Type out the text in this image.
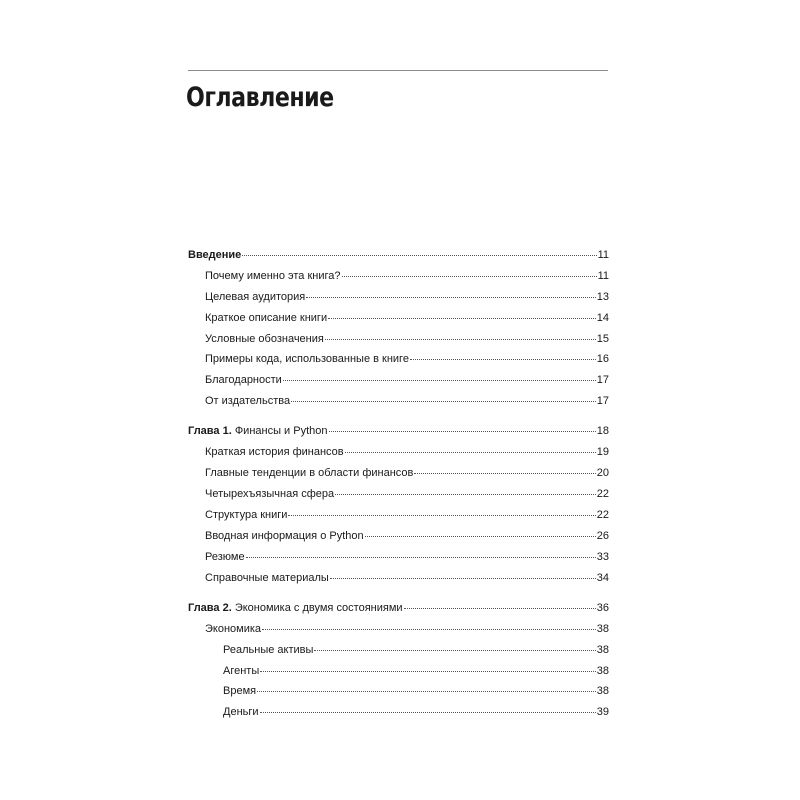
Оглавление
Введение	11
Почему именно эта книга?	11
Целевая аудитория	13
Краткое описание книги	14
Условные обозначения	15
Примеры кода, использованные в книге	16
Благодарности	17
От издательства	17
Глава 1. Финансы и Python	18
Краткая история финансов	19
Главные тенденции в области финансов	20
Четырехъязычная сфера	22
Структура книги	22
Вводная информация о Python	26
Резюме	33
Справочные материалы	34
Глава 2. Экономика с двумя состояниями	36
Экономика	38
Реальные активы	38
Агенты	38
Время	38
Деньги	39
